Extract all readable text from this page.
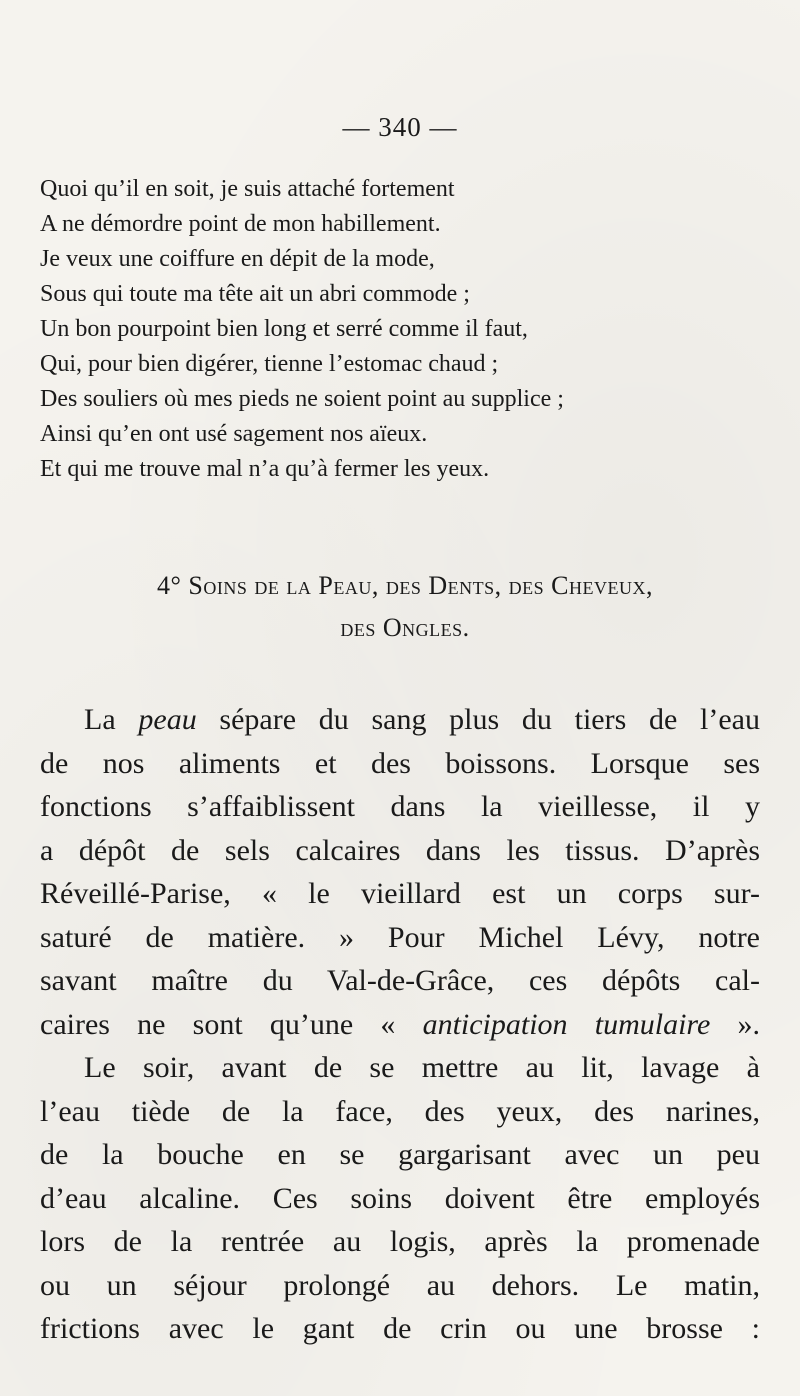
— 340 —
Quoi qu’il en soit, je suis attaché fortement
A ne démordre point de mon habillement.
Je veux une coiffure en dépit de la mode,
Sous qui toute ma tête ait un abri commode ;
Un bon pourpoint bien long et serré comme il faut,
Qui, pour bien digérer, tienne l’estomac chaud ;
Des souliers où mes pieds ne soient point au supplice ;
Ainsi qu’en ont usé sagement nos aïeux.
Et qui me trouve mal n’a qu’à fermer les yeux.
4° Soins de la Peau, des Dents, des Cheveux,
des Ongles.
La peau sépare du sang plus du tiers de l’eau
de nos aliments et des boissons. Lorsque ses
fonctions s’affaiblissent dans la vieillesse, il y
a dépôt de sels calcaires dans les tissus. D’après
Réveillé-Parise, « le vieillard est un corps sur-
saturé de matière. » Pour Michel Lévy, notre
savant maître du Val-de-Grâce, ces dépôts cal-
caires ne sont qu’une « anticipation tumulaire ».
Le soir, avant de se mettre au lit, lavage à
l’eau tiède de la face, des yeux, des narines,
de la bouche en se gargarisant avec un peu
d’eau alcaline. Ces soins doivent être employés
lors de la rentrée au logis, après la promenade
ou un séjour prolongé au dehors. Le matin,
frictions avec le gant de crin ou une brosse :
